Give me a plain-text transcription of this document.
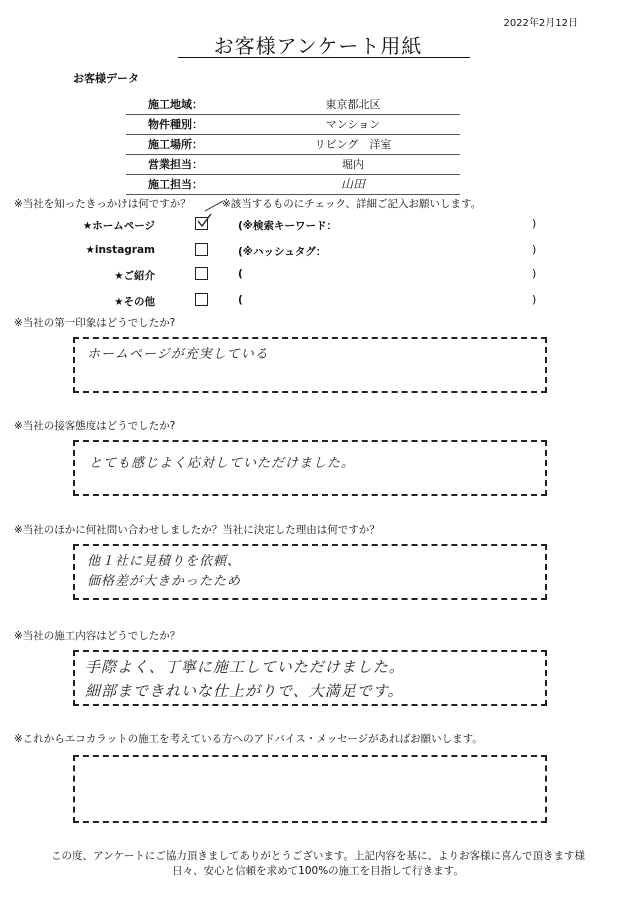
2022年2月12日
お客様アンケート用紙
お客様データ
施工地域：	東京都北区
物件種別：	マンション
施工場所：	リビング　洋室
営業担当：	堀内
施工担当：	山田
※当社を知ったきっかけは何ですか？	※該当するものにチェック、詳細ご記入お願いします。
★ホームページ	(※検索キーワード：	)
★instagram	(※ハッシュタグ：	)
★ご紹介	(	)
★その他	(	)
※当社の第一印象はどうでしたか?
ホームページが充実している
※当社の接客態度はどうでしたか?
とても感じよく応対していただけました。
※当社のほかに何社問い合わせしましたか？当社に決定した理由は何ですか？
他１社に見積りを依頼、
価格差が大きかったため
※当社の施工内容はどうでしたか？
手際よく、丁寧に施工していただけました。
細部まできれいな仕上がりで、大満足です。
※これからエコカラットの施工を考えている方へのアドバイス・メッセージがあればお願いします。
この度、アンケートにご協力頂きましてありがとうございます。上記内容を基に、よりお客様に喜んで頂きます様
日々、安心と信頼を求めて100%の施工を目指して行きます。
